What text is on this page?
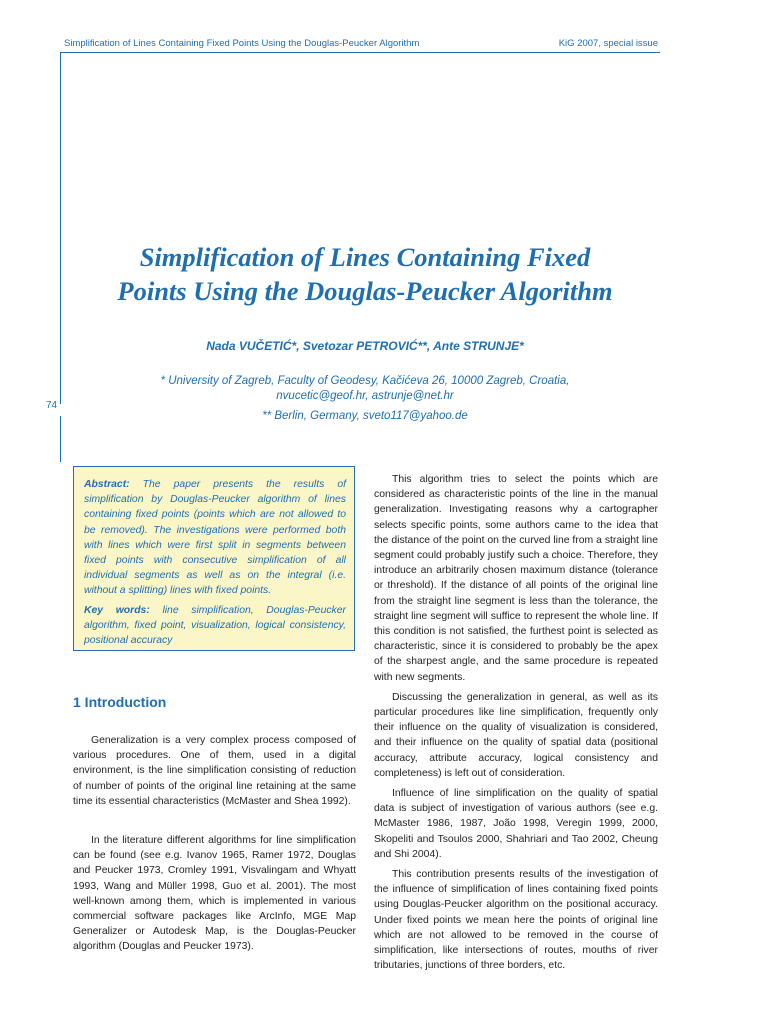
Simplification of Lines Containing Fixed Points Using the Douglas-Peucker Algorithm	KiG 2007, special issue
74
Simplification of Lines Containing Fixed
Points Using the Douglas-Peucker Algorithm

Nada VUČETIĆ*, Svetozar PETROVIĆ**, Ante STRUNJE*

* University of Zagreb, Faculty of Geodesy, Kačićeva 26, 10000 Zagreb, Croatia,
nvucetic@geof.hr, astrunje@net.hr

** Berlin, Germany, sveto117@yahoo.de

Abstract: The paper presents the results of simplification by Douglas-Peucker algorithm of lines containing fixed points (points which are not allowed to be removed). The investigations were performed both with lines which were first split in segments between fixed points with consecutive simplification of all individual segments as well as on the integral (i.e. without a splitting) lines with fixed points.

Key words: line simplification, Douglas-Peucker algorithm, fixed point, visualization, logical consistency, positional accuracy

1 Introduction

Generalization is a very complex process composed of various procedures. One of them, used in a digital environment, is the line simplification consisting of reduction of number of points of the original line retaining at the same time its essential characteristics (McMaster and Shea 1992).

In the literature different algorithms for line simplification can be found (see e.g. Ivanov 1965, Ramer 1972, Douglas and Peucker 1973, Cromley 1991, Visvalingam and Whyatt 1993, Wang and Müller 1998, Guo et al. 2001). The most well-known among them, which is implemented in various commercial software packages like ArcInfo, MGE Map Generalizer or Autodesk Map, is the Douglas-Peucker algorithm (Douglas and Peucker 1973).

This algorithm tries to select the points which are considered as characteristic points of the line in the manual generalization. Investigating reasons why a cartographer selects specific points, some authors came to the idea that the distance of the point on the curved line from a straight line segment could probably justify such a choice. Therefore, they introduce an arbitrarily chosen maximum distance (tolerance or threshold). If the distance of all points of the original line from the straight line segment is less than the tolerance, the straight line segment will suffice to represent the whole line. If this condition is not satisfied, the furthest point is selected as characteristic, since it is considered to probably be the apex of the sharpest angle, and the same procedure is repeated with new segments.

Discussing the generalization in general, as well as its particular procedures like line simplification, frequently only their influence on the quality of visualization is considered, and their influence on the quality of spatial data (positional accuracy, attribute accuracy, logical consistency and completeness) is left out of consideration.

Influence of line simplification on the quality of spatial data is subject of investigation of various authors (see e.g. McMaster 1986, 1987, João 1998, Veregin 1999, 2000, Skopeliti and Tsoulos 2000, Shahriari and Tao 2002, Cheung and Shi 2004).

This contribution presents results of the investigation of the influence of simplification of lines containing fixed points using Douglas-Peucker algorithm on the positional accuracy. Under fixed points we mean here the points of original line which are not allowed to be removed in the course of simplification, like intersections of routes, mouths of river tributaries, junctions of three borders, etc.
